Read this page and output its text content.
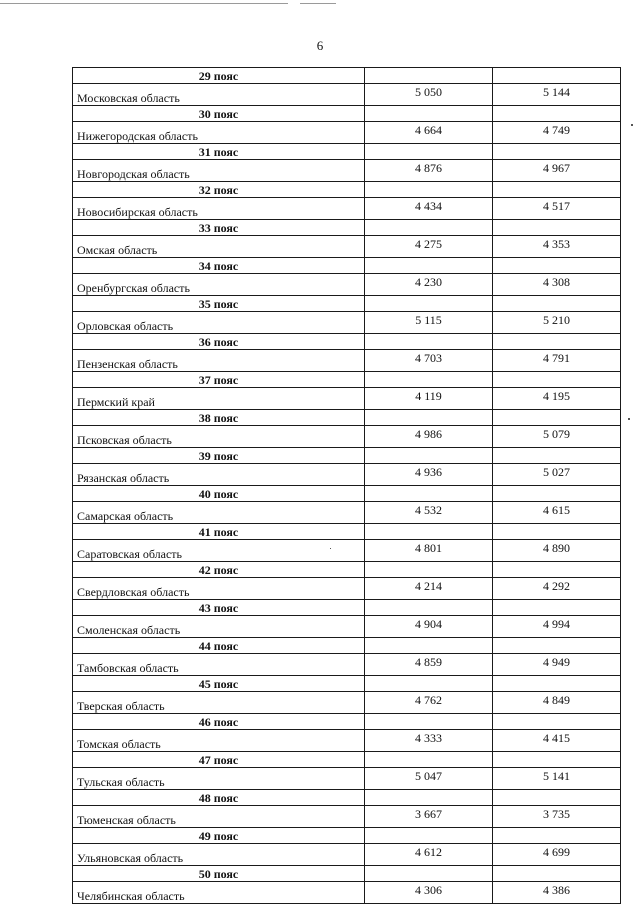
6
29 пояс		
Московская область	5 050	5 144
30 пояс		
Нижегородская область	4 664	4 749
31 пояс		
Новгородская область	4 876	4 967
32 пояс		
Новосибирская область	4 434	4 517
33 пояс		
Омская область	4 275	4 353
34 пояс		
Оренбургская область	4 230	4 308
35 пояс		
Орловская область	5 115	5 210
36 пояс		
Пензенская область	4 703	4 791
37 пояс		
Пермский край	4 119	4 195
38 пояс		
Псковская область	4 986	5 079
39 пояс		
Рязанская область	4 936	5 027
40 пояс		
Самарская область	4 532	4 615
41 пояс		
Саратовская область	4 801	4 890
42 пояс		
Свердловская область	4 214	4 292
43 пояс		
Смоленская область	4 904	4 994
44 пояс		
Тамбовская область	4 859	4 949
45 пояс		
Тверская область	4 762	4 849
46 пояс		
Томская область	4 333	4 415
47 пояс		
Тульская область	5 047	5 141
48 пояс		
Тюменская область	3 667	3 735
49 пояс		
Ульяновская область	4 612	4 699
50 пояс		
Челябинская область	4 306	4 386
